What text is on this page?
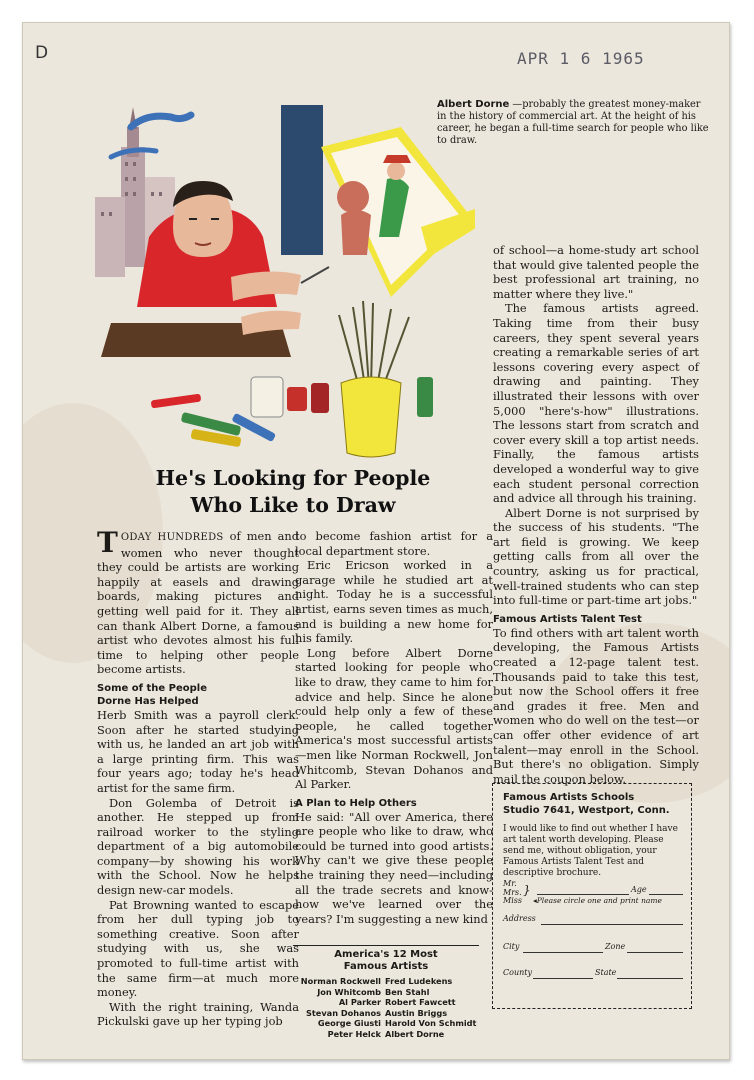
D	APR 1 6 1965
Albert Dorne —probably the greatest money-maker in the history of commercial art. At the height of his career, he began a full-time search for people who like to draw.
He's Looking for People
Who Like to Draw

TODAY HUNDREDS of men and women who never thought they could be artists are working happily at easels and drawing boards, making pictures and getting well paid for it. They all can thank Albert Dorne, a famous artist who devotes almost his full time to helping other people become artists.

Some of the People
Dorne Has Helped

Herb Smith was a payroll clerk. Soon after he started studying with us, he landed an art job with a large printing firm. This was four years ago; today he's head artist for the same firm.

Don Golemba of Detroit is another. He stepped up from railroad worker to the styling department of a big automobile company—by showing his work with the School. Now he helps design new-car models.

Pat Browning wanted to escape from her dull typing job to something creative. Soon after studying with us, she was promoted to full-time artist with the same firm—at much more money.

With the right training, Wanda Pickulski gave up her typing job

to become fashion artist for a local department store.

Eric Ericson worked in a garage while he studied art at night. Today he is a successful artist, earns seven times as much, and is building a new home for his family.

Long before Albert Dorne started looking for people who like to draw, they came to him for advice and help. Since he alone could help only a few of these people, he called together America's most successful artists—men like Norman Rockwell, Jon Whitcomb, Stevan Dohanos and Al Parker.

A Plan to Help Others

He said: "All over America, there are people who like to draw, who could be turned into good artists. Why can't we give these people the training they need—including all the trade secrets and know-how we've learned over the years? I'm suggesting a new kind

America's 12 Most
Famous Artists
Norman Rockwell	Fred Ludekens
Jon Whitcomb	Ben Stahl
Al Parker	Robert Fawcett
Stevan Dohanos	Austin Briggs
George Giusti	Harold Von Schmidt
Peter Helck	Albert Dorne

of school—a home-study art school that would give talented people the best professional art training, no matter where they live."

The famous artists agreed. Taking time from their busy careers, they spent several years creating a remarkable series of art lessons covering every aspect of drawing and painting. They illustrated their lessons with over 5,000 "here's-how" illustrations. The lessons start from scratch and cover every skill a top artist needs. Finally, the famous artists developed a wonderful way to give each student personal correction and advice all through his training.

Albert Dorne is not surprised by the success of his students. "The art field is growing. We keep getting calls from all over the country, asking us for practical, well-trained students who can step into full-time or part-time art jobs."

Famous Artists Talent Test

To find others with art talent worth developing, the Famous Artists created a 12-page talent test. Thousands paid to take this test, but now the School offers it free and grades it free. Men and women who do well on the test—or can offer other evidence of art talent—may enroll in the School. But there's no obligation. Simply mail the coupon below.

Famous Artists Schools
Studio 7641, Westport, Conn.
I would like to find out whether I have art talent worth developing. Please send me, without obligation, your Famous Artists Talent Test and descriptive brochure.
Mr.
Mrs.
Miss
}	Age
◂Please circle one and print name
Address
City	Zone
County	State
